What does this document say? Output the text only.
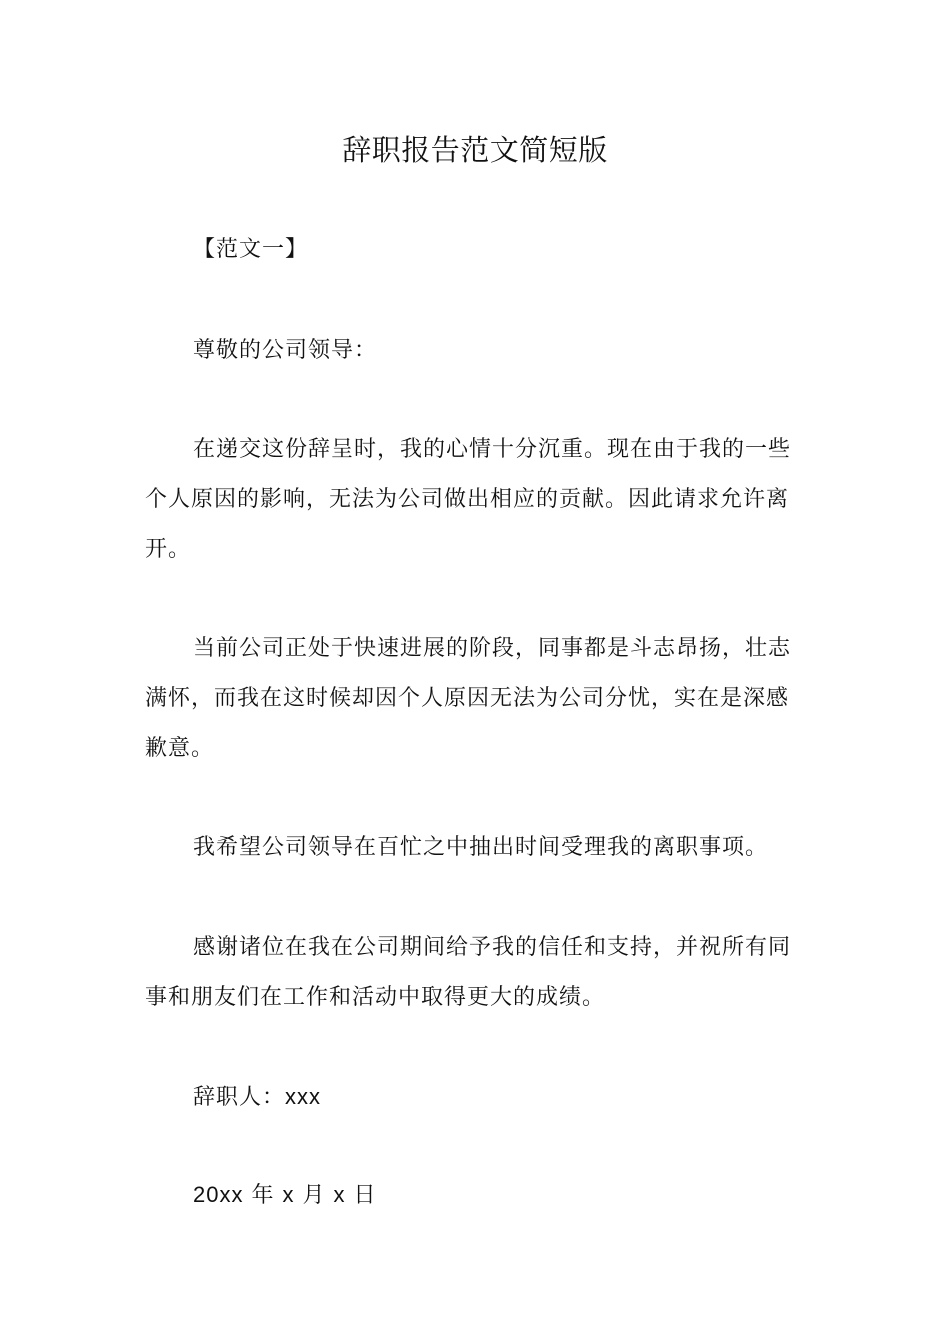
辞职报告范文简短版
【范文一】
尊敬的公司领导：
在递交这份辞呈时，我的心情十分沉重。现在由于我的一些个人原因的影响，无法为公司做出相应的贡献。因此请求允许离开。
当前公司正处于快速进展的阶段，同事都是斗志昂扬，壮志满怀，而我在这时候却因个人原因无法为公司分忧，实在是深感歉意。
我希望公司领导在百忙之中抽出时间受理我的离职事项。
感谢诸位在我在公司期间给予我的信任和支持，并祝所有同事和朋友们在工作和活动中取得更大的成绩。
辞职人：xxx
20xx 年 x 月 x 日
